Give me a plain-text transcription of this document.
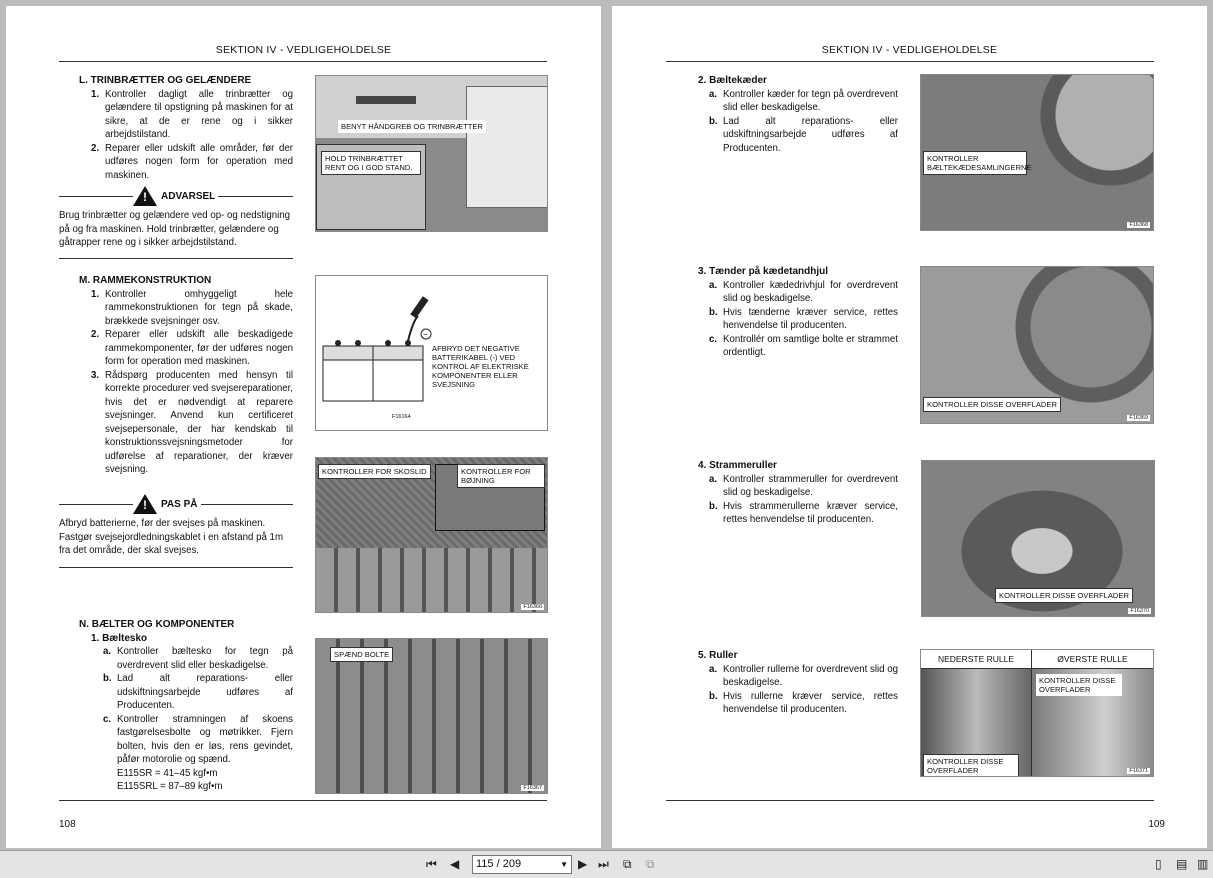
SEKTION IV - VEDLIGEHOLDELSE
L. TRINBRÆTTER OG GELÆNDERE
1. Kontroller dagligt alle trinbrætter og gelændere til opstigning på maskinen for at sikre, at de er rene og i sikker arbejdstilstand.
2. Reparer eller udskift alle områder, før der udføres nogen form for operation med maskinen.
! ADVARSEL
Brug trinbrætter og gelændere ved op- og nedstigning på og fra maskinen. Hold trinbrætter, gelændere og gåtrapper rene og i sikker arbejdstilstand.
BENYT HÅNDGREB OG TRINBRÆTTER
HOLD TRINBRÆTTET RENT OG I GOD STAND.
M. RAMMEKONSTRUKTION
1. Kontroller omhyggeligt hele rammekonstruktionen for tegn på skade, brækkede svejsninger osv.
2. Reparer eller udskift alle beskadigede rammekomponenter, før der udføres nogen form for operation med maskinen.
3. Rådspørg producenten med hensyn til korrekte procedurer ved svejsereparationer, hvis det er nødvendigt at reparere svejsninger. Anvend kun certificeret svejsepersonale, der har kendskab til konstruktionssvejsningsmetoder for udførelse af reparationer, der kræver svejsning.
! PAS PÅ
Afbryd batterierne, før der svejses på maskinen. Fastgør svejsejordledningskablet i en afstand på 1m fra det område, der skal svejses.
−
AFBRYD DET NEGATIVE BATTERIKABEL (-) VED KONTROL AF ELEKTRISKE KOMPONENTER ELLER SVEJSNING
F16164
KONTROLLER FOR SKOSLID	KONTROLLER FOR BØJNING
F16366
N. BÆLTER OG KOMPONENTER
1. Bæltesko
a. Kontroller bæltesko for tegn på overdrevent slid eller beskadigelse.
b. Lad alt reparations- eller udskiftningsarbejde udføres af Producenten.
c. Kontroller stramningen af skoens fastgørelsesbolte og møtrikker. Fjern bolten, hvis den er løs, rens gevindet, påfør motorolie og spænd.
E115SR = 41–45 kgf•m
E115SRL = 87–89 kgf•m
SPÆND BOLTE
F16367
108
SEKTION IV - VEDLIGEHOLDELSE
2. Bæltekæder
a. Kontroller kæder for tegn på overdrevent slid eller beskadigelse.
b. Lad alt reparations- eller udskiftningsarbejde udføres af Producenten.
KONTROLLER BÆLTEKÆDESAMLINGERNE
F16368
3. Tænder på kædetandhjul
a. Kontroller kædedrivhjul for overdrevent slid og beskadigelse.
b. Hvis tænderne kræver service, rettes henvendelse til producenten.
c. Kontrollér om samtlige bolte er strammet ordentligt.
KONTROLLER DISSE OVERFLADER
F16369
4. Strammeruller
a. Kontroller strammeruller for overdrevent slid og beskadigelse.
b. Hvis strammerullerne kræver service, rettes henvendelse til producenten.
KONTROLLER DISSE OVERFLADER
F16370
5. Ruller
a. Kontroller rullerne for overdrevent slid og beskadigelse.
b. Hvis rullerne kræver service, rettes henvendelse til producenten.
NEDERSTE RULLE	ØVERSTE RULLE
KONTROLLER DISSE OVERFLADER
KONTROLLER DISSE OVERFLADER
F16371
109
⏮ ◀	115 / 209	▼ ▶ ⏭ ⧉ ⧉	▯ ▤ ▥
